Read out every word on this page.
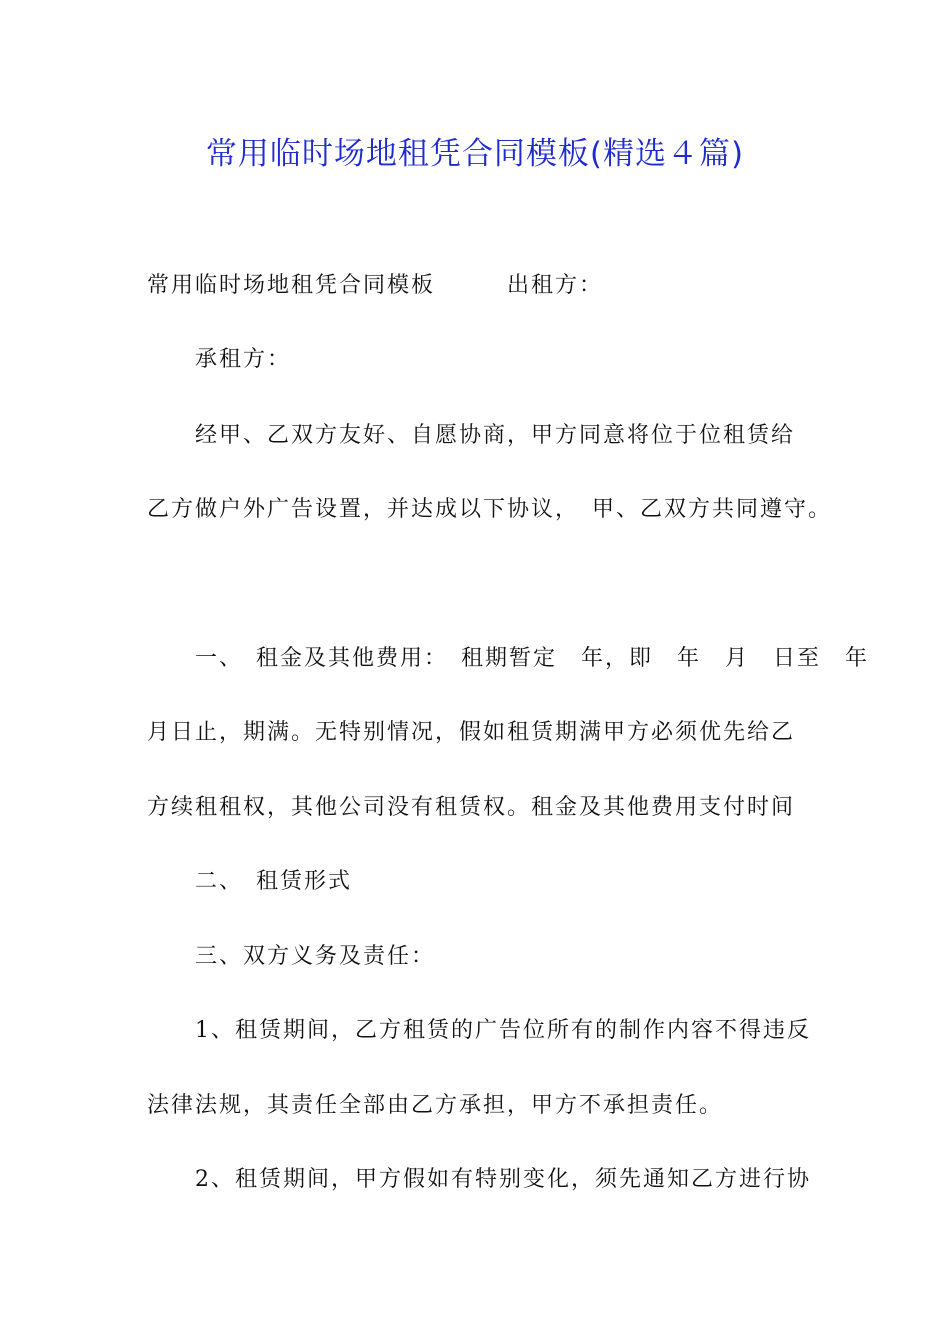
常用临时场地租凭合同模板(精选４篇)
常用临时场地租凭合同模板　　　出租方：
　　承租方：
　　经甲、乙双方友好、自愿协商，甲方同意将位于位租赁给
乙方做户外广告设置，并达成以下协议，　甲、乙双方共同遵守。
　　一、　租金及其他费用：　租期暂定　年，即　年　月　日至　年
月日止，期满。无特别情况，假如租赁期满甲方必须优先给乙
方续租租权，其他公司没有租赁权。租金及其他费用支付时间
　　二、　租赁形式
　　三、双方义务及责任：
　　1、租赁期间，乙方租赁的广告位所有的制作内容不得违反
法律法规，其责任全部由乙方承担，甲方不承担责任。
　　2、租赁期间，甲方假如有特别变化，须先通知乙方进行协
